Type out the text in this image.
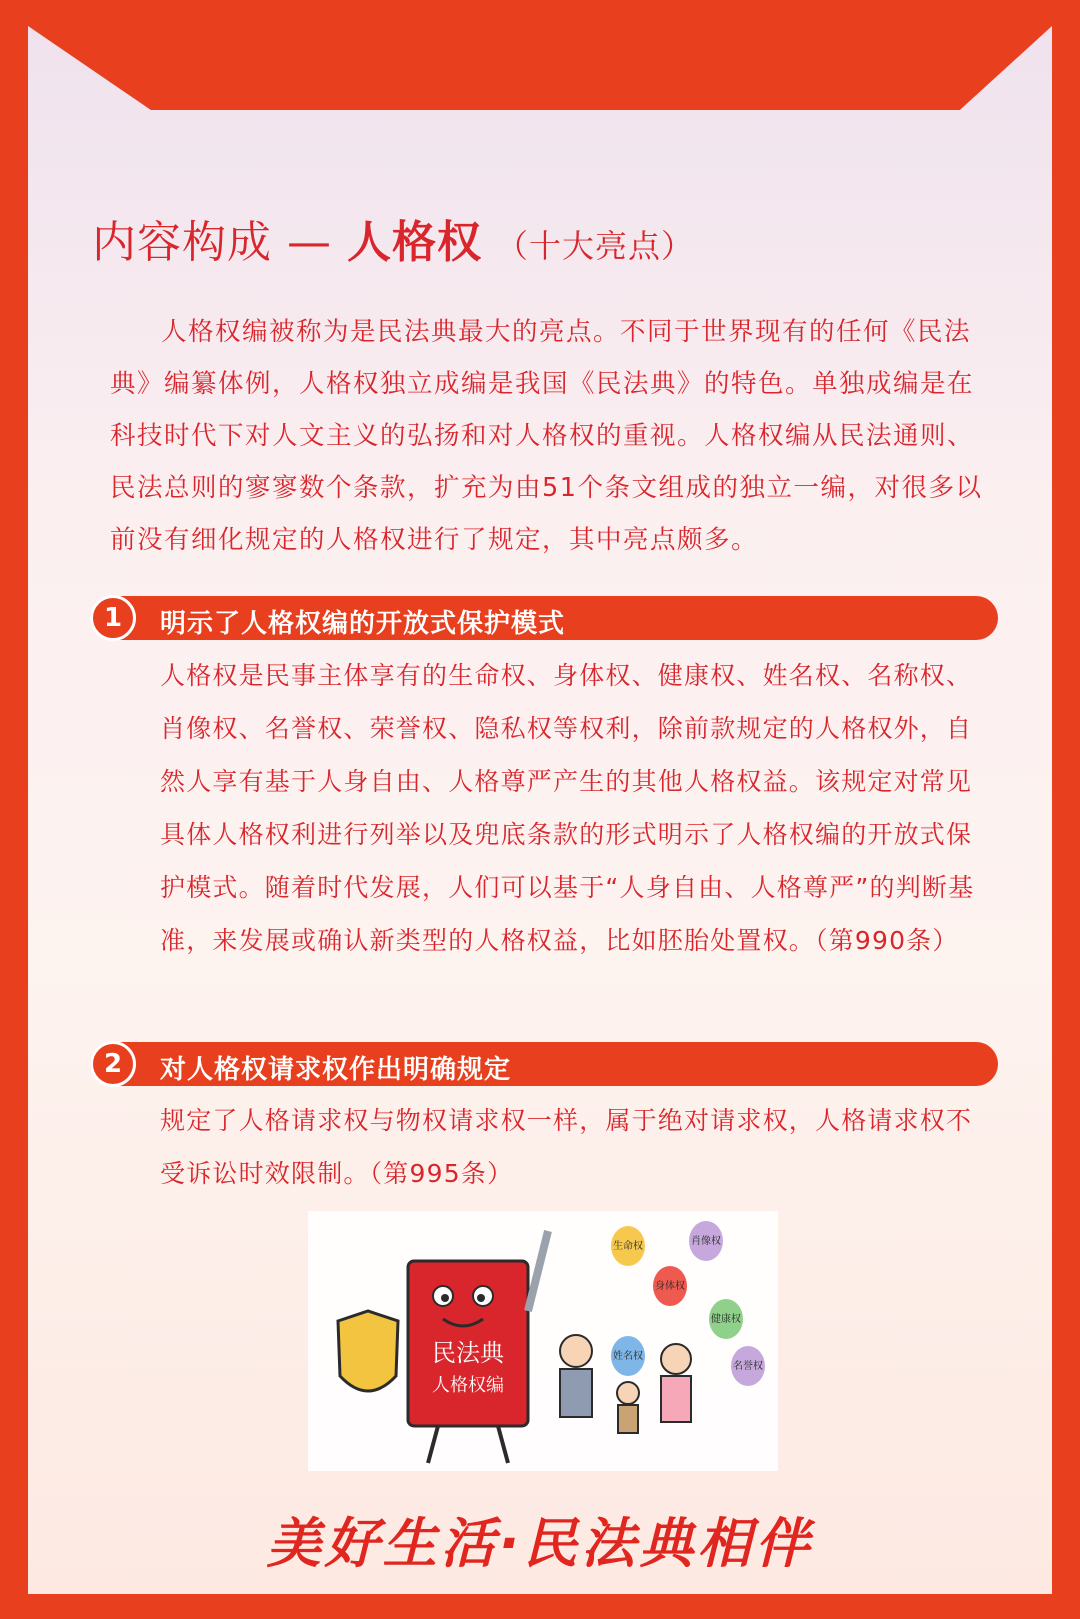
内容构成 — 人格权 （十大亮点）

人格权编被称为是民法典最大的亮点。不同于世界现有的任何《民法典》编纂体例，人格权独立成编是我国《民法典》的特色。单独成编是在科技时代下对人文主义的弘扬和对人格权的重视。人格权编从民法通则、民法总则的寥寥数个条款，扩充为由51个条文组成的独立一编，对很多以前没有细化规定的人格权进行了规定，其中亮点颇多。

1	明示了人格权编的开放式保护模式

人格权是民事主体享有的生命权、身体权、健康权、姓名权、名称权、肖像权、名誉权、荣誉权、隐私权等权利，除前款规定的人格权外，自然人享有基于人身自由、人格尊严产生的其他人格权益。该规定对常见具体人格权利进行列举以及兜底条款的形式明示了人格权编的开放式保护模式。随着时代发展，人们可以基于“人身自由、人格尊严”的判断基准，来发展或确认新类型的人格权益，比如胚胎处置权。（第990条）

2	对人格权请求权作出明确规定

规定了人格请求权与物权请求权一样，属于绝对请求权，人格请求权不受诉讼时效限制。（第995条）

民法典
人格权编
生命权	肖像权
身体权
健康权
姓名权
名誉权
美好生活·民法典相伴
